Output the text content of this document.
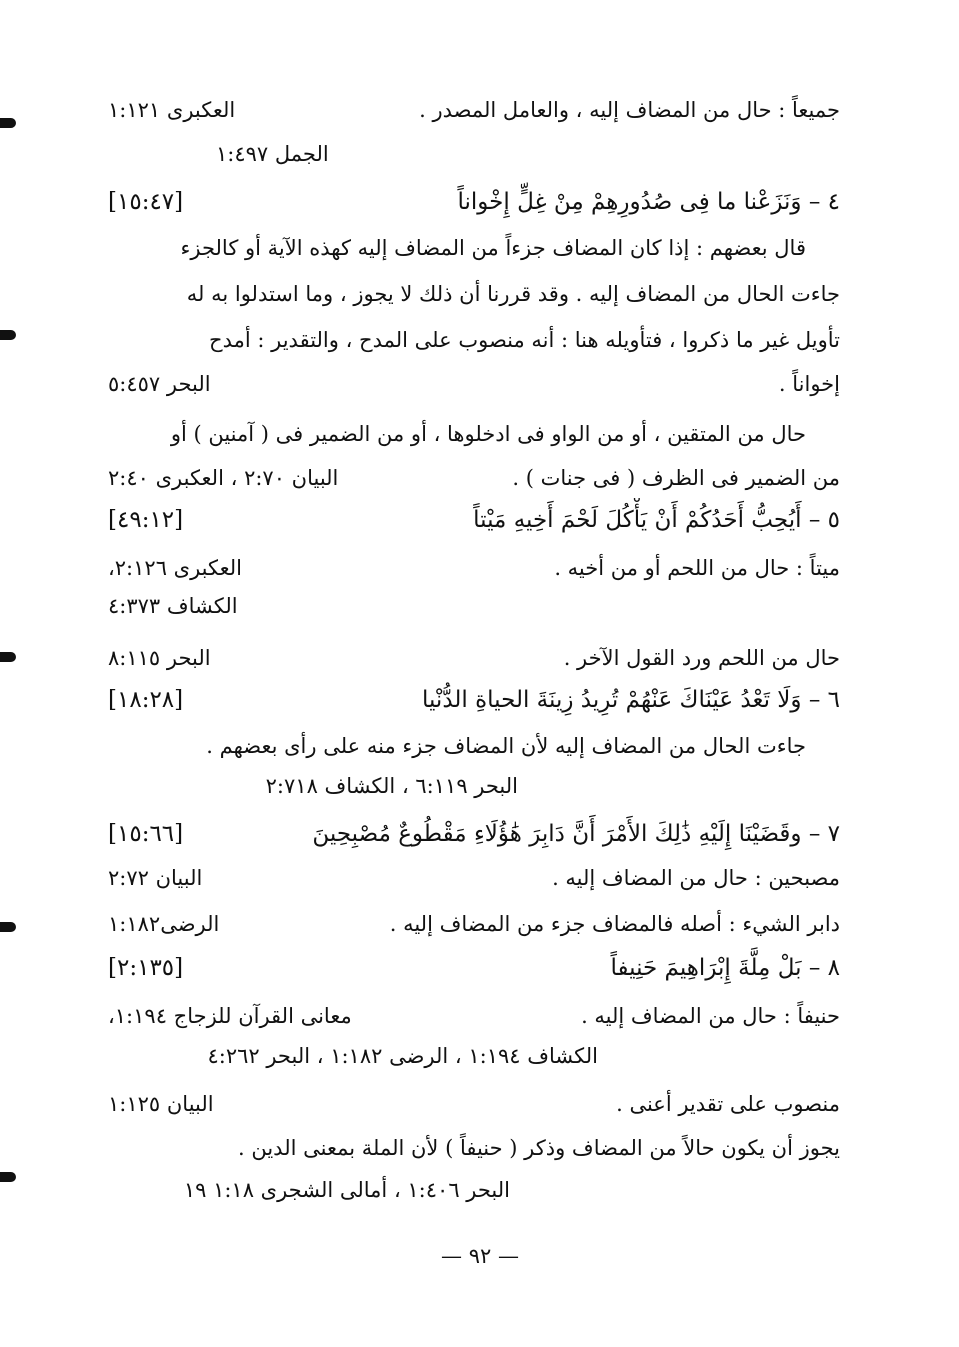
جميعاً : حال من المضاف إليه ، والعامل المصدر .
العكبرى ١:١٢١
الجمل ١:٤٩٧
٤ – وَنَزَعْنا ما فِى صُدُورِهِمْ مِنْ غِلٍّ إِخْواناً
[١٥:٤٧]
قال بعضهم : إذا كان المضاف جزءاً من المضاف إليه كهذه الآية أو كالجزء
جاءت الحال من المضاف إليه . وقد قررنا أن ذلك لا يجوز ، وما استدلوا به له
تأويل غير ما ذكروا ، فتأويله هنا : أنه منصوب على المدح ، والتقدير : أمدح
إخواناً .
البحر ٥:٤٥٧
حال من المتقين ، أو من الواو فى ادخلوها ، أو من الضمير فى ( آمنين ) أو
من الضمير فى الظرف ( فى جنات ) .
البيان ٢:٧٠ ، العكبرى ٢:٤٠
٥ – أَيُحِبُّ أَحَدُكُمْ أَنْ يَأْكُلَ لَحْمَ أَخِيهِ مَيْتاً
[٤٩:١٢]
ميتاً : حال من اللحم أو من أخيه .
العكبرى ٢:١٢٦،
الكشاف ٤:٣٧٣
حال من اللحم ورد القول الآخر .
البحر ٨:١١٥
٦ – وَلَا تَعْدُ عَيْنَاكَ عَنْهُمْ تُرِيدُ زِينَةَ الحياةِ الدُّنْيا
[١٨:٢٨]
جاءت الحال من المضاف إليه لأن المضاف جزء منه على رأى بعضهم .
البحر ٦:١١٩ ، الكشاف ٢:٧١٨
٧ – وقَضَيْنَا إِلَيْهِ ذَٰلِكَ الأَمْرَ أَنَّ دَابِرَ هَٰؤُلَاءِ مَقْطُوعٌ مُصْبِحِينَ
[١٥:٦٦]
مصبحين : حال من المضاف إليه .
البيان ٢:٧٢
دابر الشيء : أصله فالمضاف جزء من المضاف إليه .
الرضى١:١٨٢
٨ – بَلْ مِلَّةَ إِبْرَاهِيمَ حَنِيفاً
[٢:١٣٥]
حنيفاً : حال من المضاف إليه .
معانى القرآن للزجاج ١:١٩٤،
الكشاف ١:١٩٤ ، الرضى ١:١٨٢ ، البحر ٤:٢٦٢
منصوب على تقدير أعنى .
البيان ١:١٢٥
يجوز أن يكون حالاً من المضاف وذكر ( حنيفاً ) لأن الملة بمعنى الدين .
البحر ١:٤٠٦ ، أمالى الشجرى ١:١٨ ١٩
— ٩٢ —
